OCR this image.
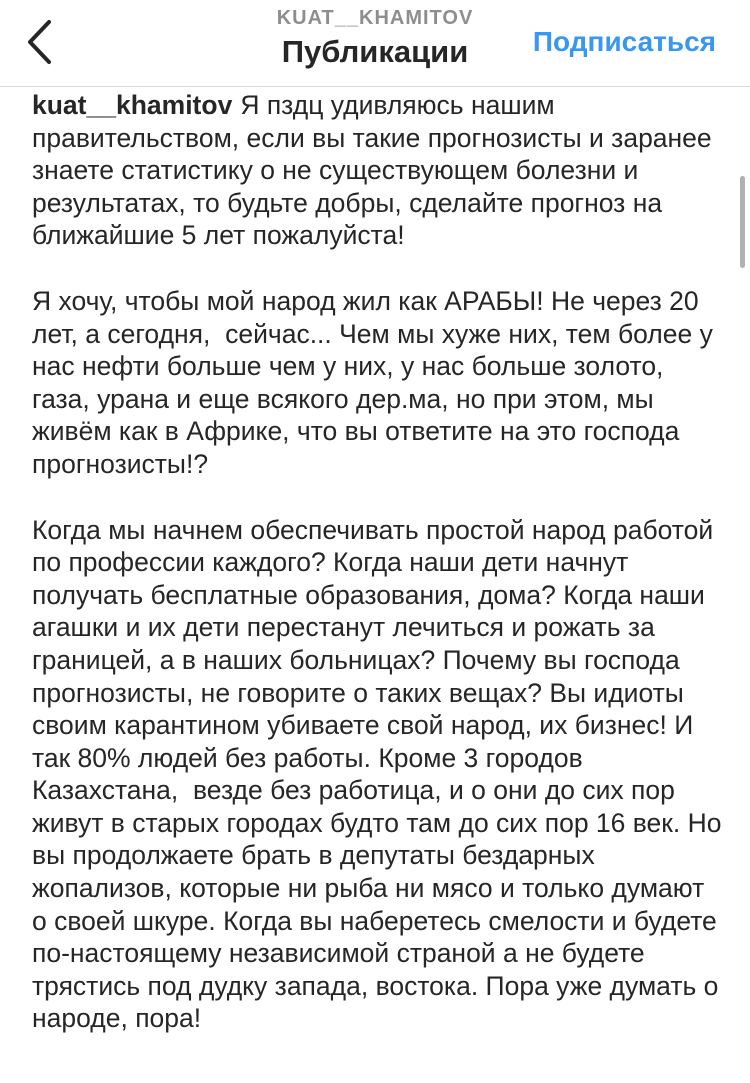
KUAT__KHAMITOV
Публикации	Подписаться

kuat__khamitov Я пздц удивляюсь нашим правительством, если вы такие прогнозисты и заранее знаете статистику о не существующем болезни и результатах, то будьте добры, сделайте прогноз на ближайшие 5 лет пожалуйста!

Я хочу, чтобы мой народ жил как АРАБЫ! Не через 20 лет, а сегодня,  сейчас... Чем мы хуже них, тем более у нас нефти больше чем у них, у нас больше золото, газа, урана и еще всякого дер.ма, но при этом, мы живём как в Африке, что вы ответите на это господа прогнозисты!?

Когда мы начнем обеспечивать простой народ работой по профессии каждого? Когда наши дети начнут получать бесплатные образования, дома? Когда наши агашки и их дети перестанут лечиться и рожать за границей, а в наших больницах? Почему вы господа прогнозисты, не говорите о таких вещах? Вы идиоты своим карантином убиваете свой народ, их бизнес! И так 80% людей без работы. Кроме 3 городов Казахстана,  везде без работица, и о они до сих пор живут в старых городах будто там до сих пор 16 век. Но вы продолжаете брать в депутаты бездарных жопализов, которые ни рыба ни мясо и только думают о своей шкуре. Когда вы наберетесь смелости и будете по-настоящему независимой страной а не будете трястись под дудку запада, востока. Пора уже думать о народе, пора!
